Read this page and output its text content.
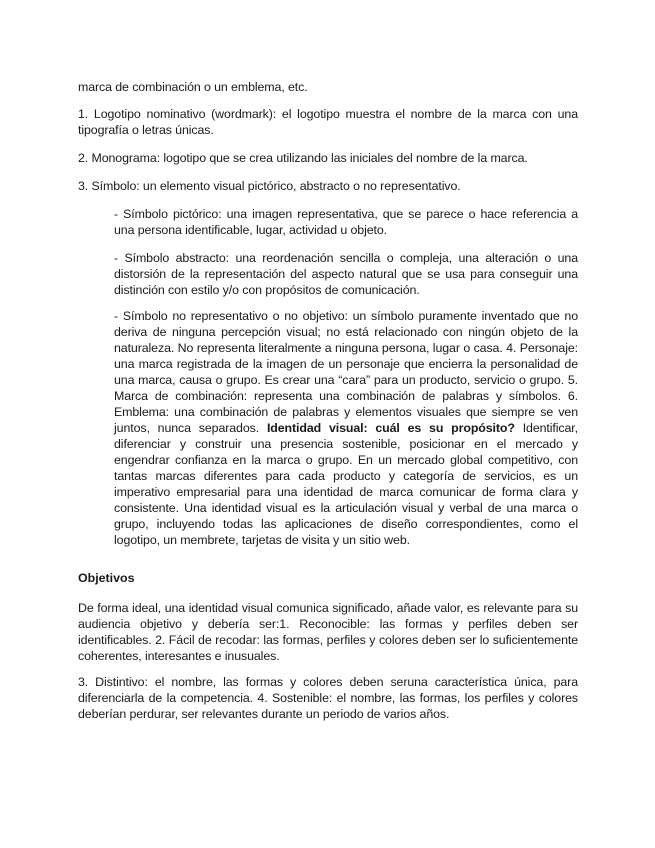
marca de combinación o un emblema, etc.

1. Logotipo nominativo (wordmark): el logotipo muestra el nombre de la marca con una tipografía o letras únicas.

2. Monograma: logotipo que se crea utilizando las iniciales del nombre de la marca.

3. Símbolo: un elemento visual pictórico, abstracto o no representativo.

- Símbolo pictórico: una imagen representativa, que se parece o hace referencia a una persona identificable, lugar, actividad u objeto.

- Símbolo abstracto: una reordenación sencilla o compleja, una alteración o una distorsión de la representación del aspecto natural que se usa para conseguir una distinción con estilo y/o con propósitos de comunicación.

- Símbolo no representativo o no objetivo: un símbolo puramente inventado que no deriva de ninguna percepción visual; no está relacionado con ningún objeto de la naturaleza. No representa literalmente a ninguna persona, lugar o casa. 4. Personaje: una marca registrada de la imagen de un personaje que encierra la personalidad de una marca, causa o grupo. Es crear una “cara” para un producto, servicio o grupo. 5. Marca de combinación: representa una combinación de palabras y símbolos. 6. Emblema: una combinación de palabras y elementos visuales que siempre se ven juntos, nunca separados. Identidad visual: cuál es su propósito? Identificar, diferenciar y construir una presencia sostenible, posicionar en el mercado y engendrar confianza en la marca o grupo. En un mercado global competitivo, con tantas marcas diferentes para cada producto y categoría de servicios, es un imperativo empresarial para una identidad de marca comunicar de forma clara y consistente. Una identidad visual es la articulación visual y verbal de una marca o grupo, incluyendo todas las aplicaciones de diseño correspondientes, como el logotipo, un membrete, tarjetas de visita y un sitio web.

Objetivos

De forma ideal, una identidad visual comunica significado, añade valor, es relevante para su audiencia objetivo y debería ser:1. Reconocible: las formas y perfiles deben ser identificables. 2. Fácil de recodar: las formas, perfiles y colores deben ser lo suficientemente coherentes, interesantes e inusuales.

3. Distintivo: el nombre, las formas y colores deben seruna característica única, para diferenciarla de la competencia. 4. Sostenible: el nombre, las formas, los perfiles y colores deberían perdurar, ser relevantes durante un periodo de varios años.
